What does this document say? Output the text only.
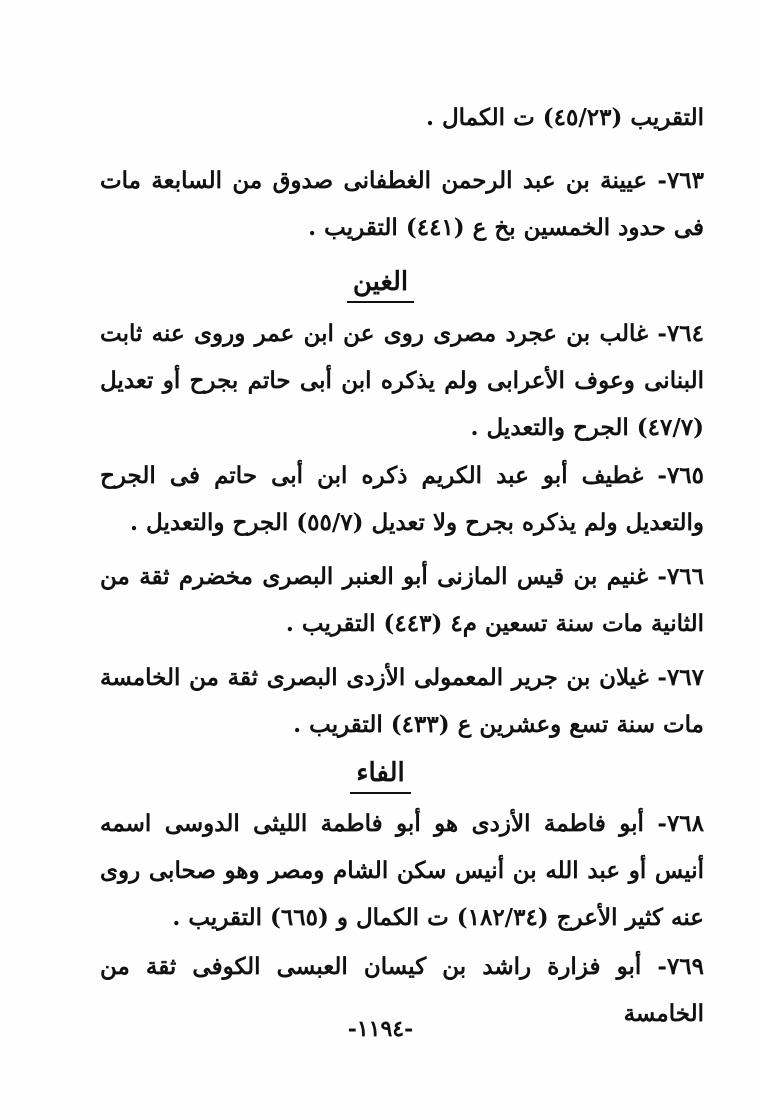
التقريب (٤٥/٢٣) ت الكمال .

٧٦٣- عيينة بن عبد الرحمن الغطفانى صدوق من السابعة مات فى حدود الخمسين بخ ع (٤٤١) التقريب .

الغين

٧٦٤- غالب بن عجرد مصرى روى عن ابن عمر وروى عنه ثابت البنانى وعوف الأعرابى ولم يذكره ابن أبى حاتم بجرح أو تعديل (٤٧/٧) الجرح والتعديل .

٧٦٥- غطيف أبو عبد الكريم ذكره ابن أبى حاتم فى الجرح والتعديل ولم يذكره بجرح ولا تعديل (٥٥/٧) الجرح والتعديل .

٧٦٦- غنيم بن قيس المازنى أبو العنبر البصرى مخضرم ثقة من الثانية مات سنة تسعين م٤ (٤٤٣) التقريب .

٧٦٧- غيلان بن جرير المعمولى الأزدى البصرى ثقة من الخامسة مات سنة تسع وعشرين ع (٤٣٣) التقريب .

الفاء

٧٦٨- أبو فاطمة الأزدى هو أبو فاطمة الليثى الدوسى اسمه أنيس أو عبد الله بن أنيس سكن الشام ومصر وهو صحابى روى عنه كثير الأعرج (١٨٢/٣٤) ت الكمال و (٦٦٥) التقريب .

٧٦٩- أبو فزارة راشد بن كيسان العبسى الكوفى ثقة من الخامسة

-١١٩٤-
